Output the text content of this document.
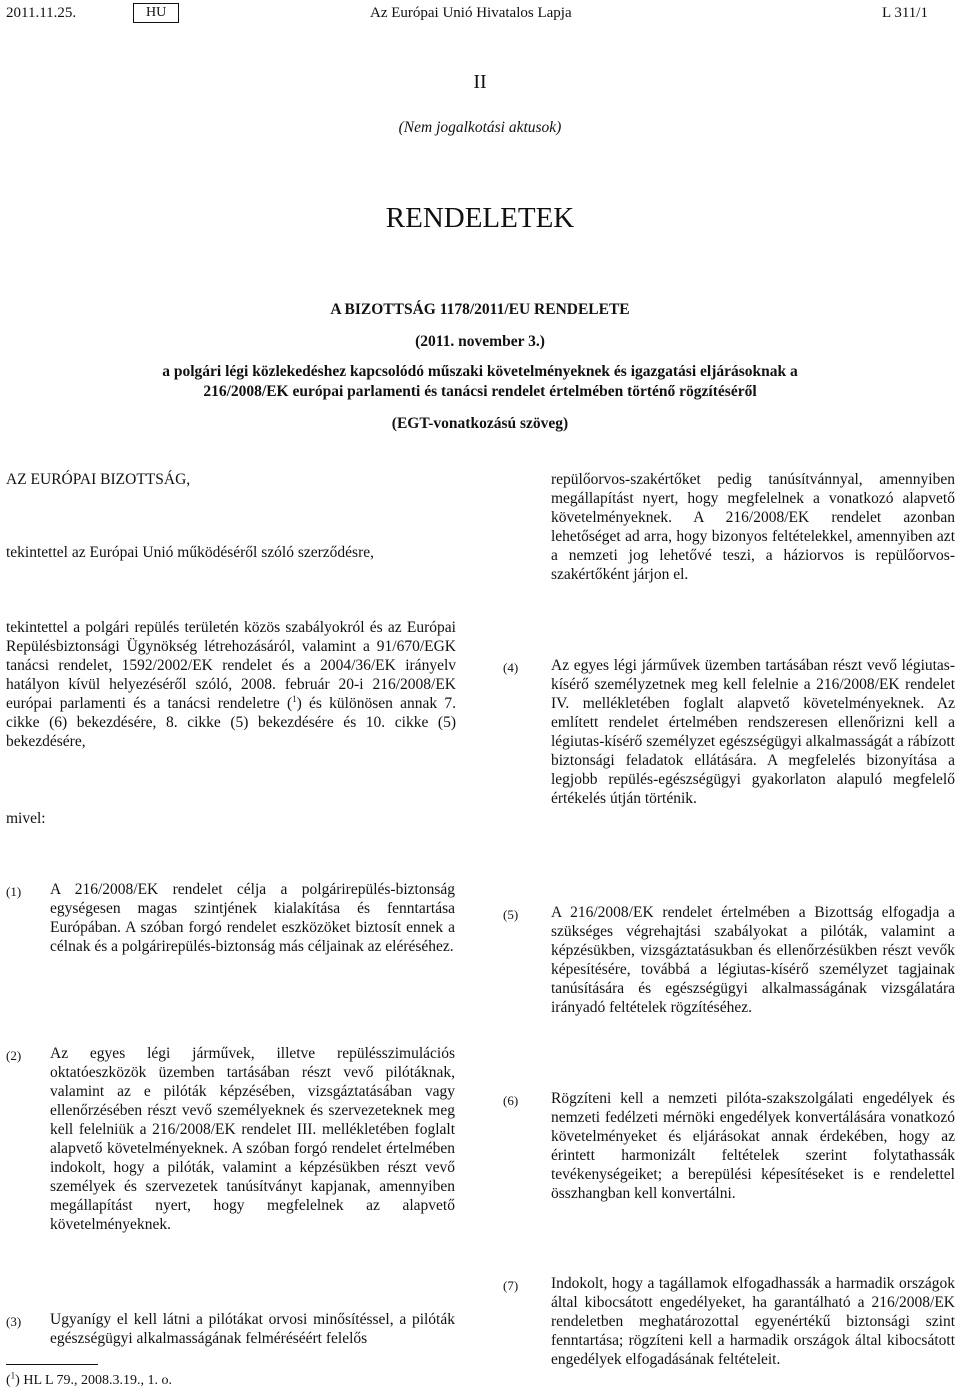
2011.11.25.	HU	Az Európai Unió Hivatalos Lapja	L 311/1
II
(Nem jogalkotási aktusok)
RENDELETEK
A BIZOTTSÁG 1178/2011/EU RENDELETE
(2011. november 3.)
a polgári légi közlekedéshez kapcsolódó műszaki követelményeknek és igazgatási eljárásoknak a
216/2008/EK európai parlamenti és tanácsi rendelet értelmében történő rögzítéséről
(EGT-vonatkozású szöveg)
AZ EURÓPAI BIZOTTSÁG,
tekintettel az Európai Unió működéséről szóló szerződésre,
tekintettel a polgári repülés területén közös szabályokról és az Európai Repülésbiztonsági Ügynökség létrehozásáról, valamint a 91/670/EGK tanácsi rendelet, 1592/2002/EK rendelet és a 2004/36/EK irányelv hatályon kívül helyezéséről szóló, 2008. február 20-i 216/2008/EK európai parlamenti és a tanácsi rendeletre ($^1$) és különösen annak 7. cikke (6) bekezdésére, 8. cikke (5) bekezdésére és 10. cikke (5) bekezdésére,
mivel:
(1) A 216/2008/EK rendelet célja a polgárirepülés-biztonság egységesen magas szintjének kialakítása és fenntartása Európában. A szóban forgó rendelet eszközöket biztosít ennek a célnak és a polgárirepülés-biztonság más céljainak az eléréséhez.
(2) Az egyes légi járművek, illetve repülésszimulációs oktatóeszközök üzemben tartásában részt vevő pilótáknak, valamint az e pilóták képzésében, vizsgáztatásában vagy ellenőrzésében részt vevő személyeknek és szervezeteknek meg kell felelniük a 216/2008/EK rendelet III. mellékletében foglalt alapvető követelményeknek. A szóban forgó rendelet értelmében indokolt, hogy a pilóták, valamint a képzésükben részt vevő személyek és szervezetek tanúsítványt kapjanak, amennyiben megállapítást nyert, hogy megfelelnek az alapvető követelményeknek.
(3) Ugyanígy el kell látni a pilótákat orvosi minősítéssel, a pilóták egészségügyi alkalmasságának felméréséért felelős
($^1$) HL L 79., 2008.3.19., 1. o.
repülőorvos-szakértőket pedig tanúsítvánnyal, amennyiben megállapítást nyert, hogy megfelelnek a vonatkozó alapvető követelményeknek. A 216/2008/EK rendelet azonban lehetőséget ad arra, hogy bizonyos feltételekkel, amennyiben azt a nemzeti jog lehetővé teszi, a háziorvos is repülőorvos-szakértőként járjon el.
(4) Az egyes légi járművek üzemben tartásában részt vevő légiutas-kísérő személyzetnek meg kell felelnie a 216/2008/EK rendelet IV. mellékletében foglalt alapvető követelményeknek. Az említett rendelet értelmében rendszeresen ellenőrizni kell a légiutas-kísérő személyzet egészségügyi alkalmasságát a rábízott biztonsági feladatok ellátására. A megfelelés bizonyítása a legjobb repülés-egészségügyi gyakorlaton alapuló megfelelő értékelés útján történik.
(5) A 216/2008/EK rendelet értelmében a Bizottság elfogadja a szükséges végrehajtási szabályokat a pilóták, valamint a képzésükben, vizsgáztatásukban és ellenőrzésükben részt vevők képesítésére, továbbá a légiutas-kísérő személyzet tagjainak tanúsítására és egészségügyi alkalmasságának vizsgálatára irányadó feltételek rögzítéséhez.
(6) Rögzíteni kell a nemzeti pilóta-szakszolgálati engedélyek és nemzeti fedélzeti mérnöki engedélyek konvertálására vonatkozó követelményeket és eljárásokat annak érdekében, hogy az érintett harmonizált feltételek szerint folytathassák tevékenységeiket; a berepülési képesítéseket is e rendelettel összhangban kell konvertálni.
(7) Indokolt, hogy a tagállamok elfogadhassák a harmadik országok által kibocsátott engedélyeket, ha garantálható a 216/2008/EK rendeletben meghatározottal egyenértékű biztonsági szint fenntartása; rögzíteni kell a harmadik országok által kibocsátott engedélyek elfogadásának feltételeit.
